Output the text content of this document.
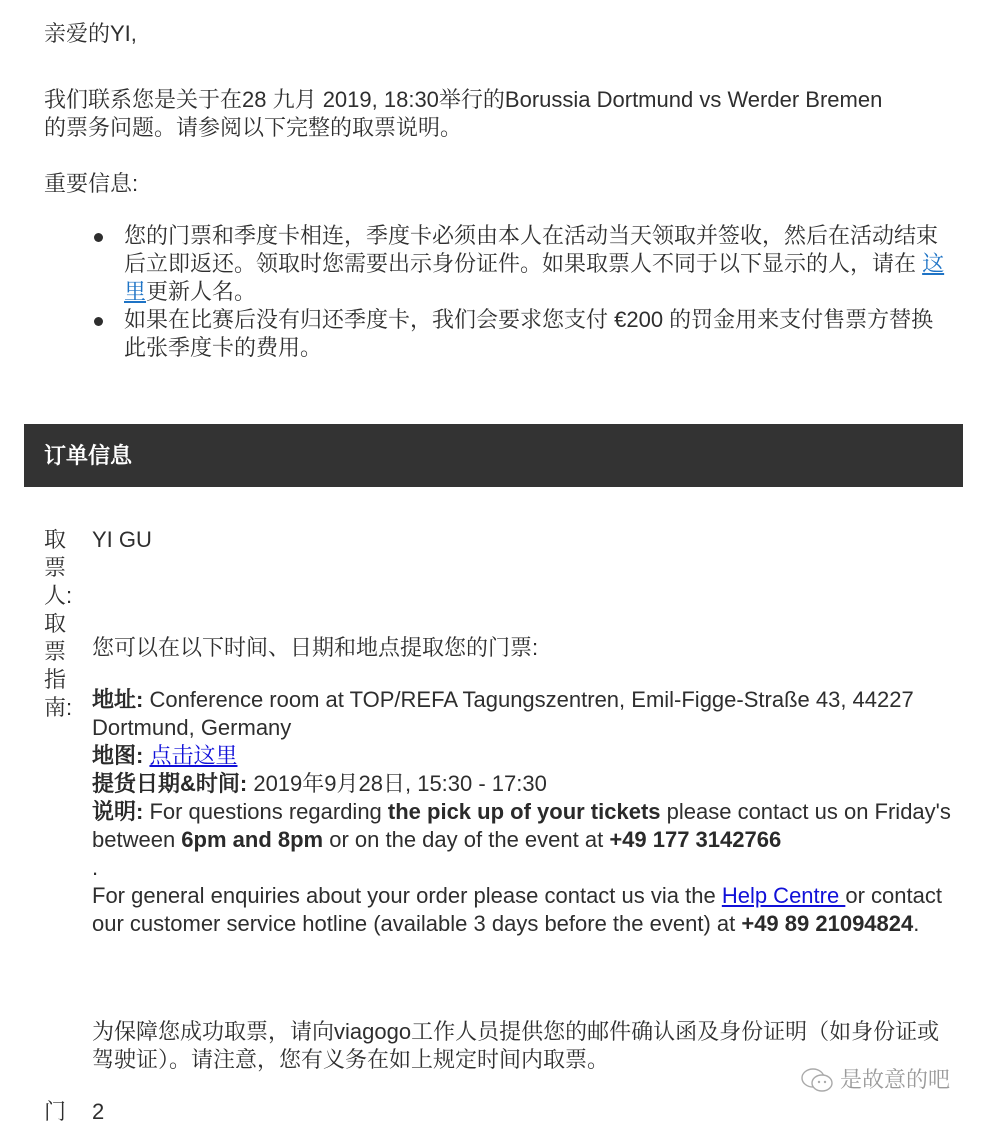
亲爱的YI,

我们联系您是关于在28 九月 2019, 18:30举行的Borussia Dortmund vs Werder Bremen的票务问题。请参阅以下完整的取票说明。

重要信息:

您的门票和季度卡相连，季度卡必须由本人在活动当天领取并签收，然后在活动结束后立即返还。领取时您需要出示身份证件。如果取票人不同于以下显示的人，请在 这里更新人名。
如果在比赛后没有归还季度卡，我们会要求您支付 €200 的罚金用来支付售票方替换此张季度卡的费用。
订单信息
取票人:
YI GU
取票指南:
您可以在以下时间、日期和地点提取您的门票:
地址: Conference room at TOP/REFA Tagungszentren, Emil-Figge-Straße 43, 44227 Dortmund, Germany
地图: 点击这里
提货日期&时间: 2019年9月28日, 15:30 - 17:30
说明: For questions regarding the pick up of your tickets please contact us on Friday's between 6pm and 8pm or on the day of the event at +49 177 3142766
.
For general enquiries about your order please contact us via the Help Centre or contact our customer service hotline (available 3 days before the event) at +49 89 21094824.
为保障您成功取票，请向viagogo工作人员提供您的邮件确认函及身份证明（如身份证或驾驶证）。请注意，您有义务在如上规定时间内取票。
门 2
是故意的吧
